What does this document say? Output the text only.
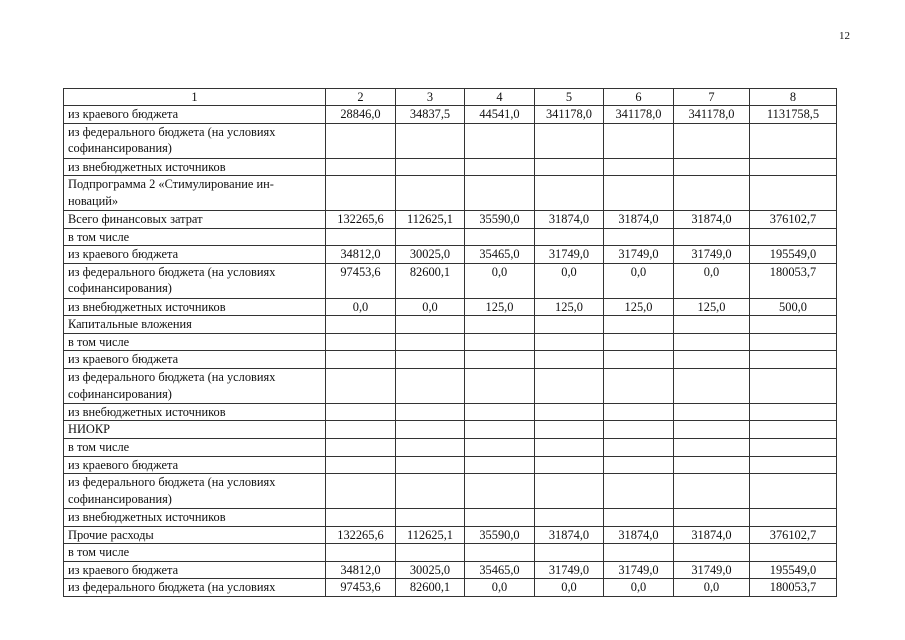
12
1	2	3	4	5	6	7	8
из краевого бюджета	28846,0	34837,5	44541,0	341178,0	341178,0	341178,0	1131758,5
из федерального бюджета (на условиях софинансирования)							
из внебюджетных источников							
Подпрограмма 2 «Стимулирование ин-новаций»							
Всего финансовых затрат	132265,6	112625,1	35590,0	31874,0	31874,0	31874,0	376102,7
в том числе							
из краевого бюджета	34812,0	30025,0	35465,0	31749,0	31749,0	31749,0	195549,0
из федерального бюджета (на условиях софинансирования)	97453,6	82600,1	0,0	0,0	0,0	0,0	180053,7
из внебюджетных источников	0,0	0,0	125,0	125,0	125,0	125,0	500,0
Капитальные вложения							
в том числе							
из краевого бюджета							
из федерального бюджета (на условиях софинансирования)							
из внебюджетных источников							
НИОКР							
в том числе							
из краевого бюджета							
из федерального бюджета (на условиях софинансирования)							
из внебюджетных источников							
Прочие расходы	132265,6	112625,1	35590,0	31874,0	31874,0	31874,0	376102,7
в том числе							
из краевого бюджета	34812,0	30025,0	35465,0	31749,0	31749,0	31749,0	195549,0
из федерального бюджета (на условиях	97453,6	82600,1	0,0	0,0	0,0	0,0	180053,7
